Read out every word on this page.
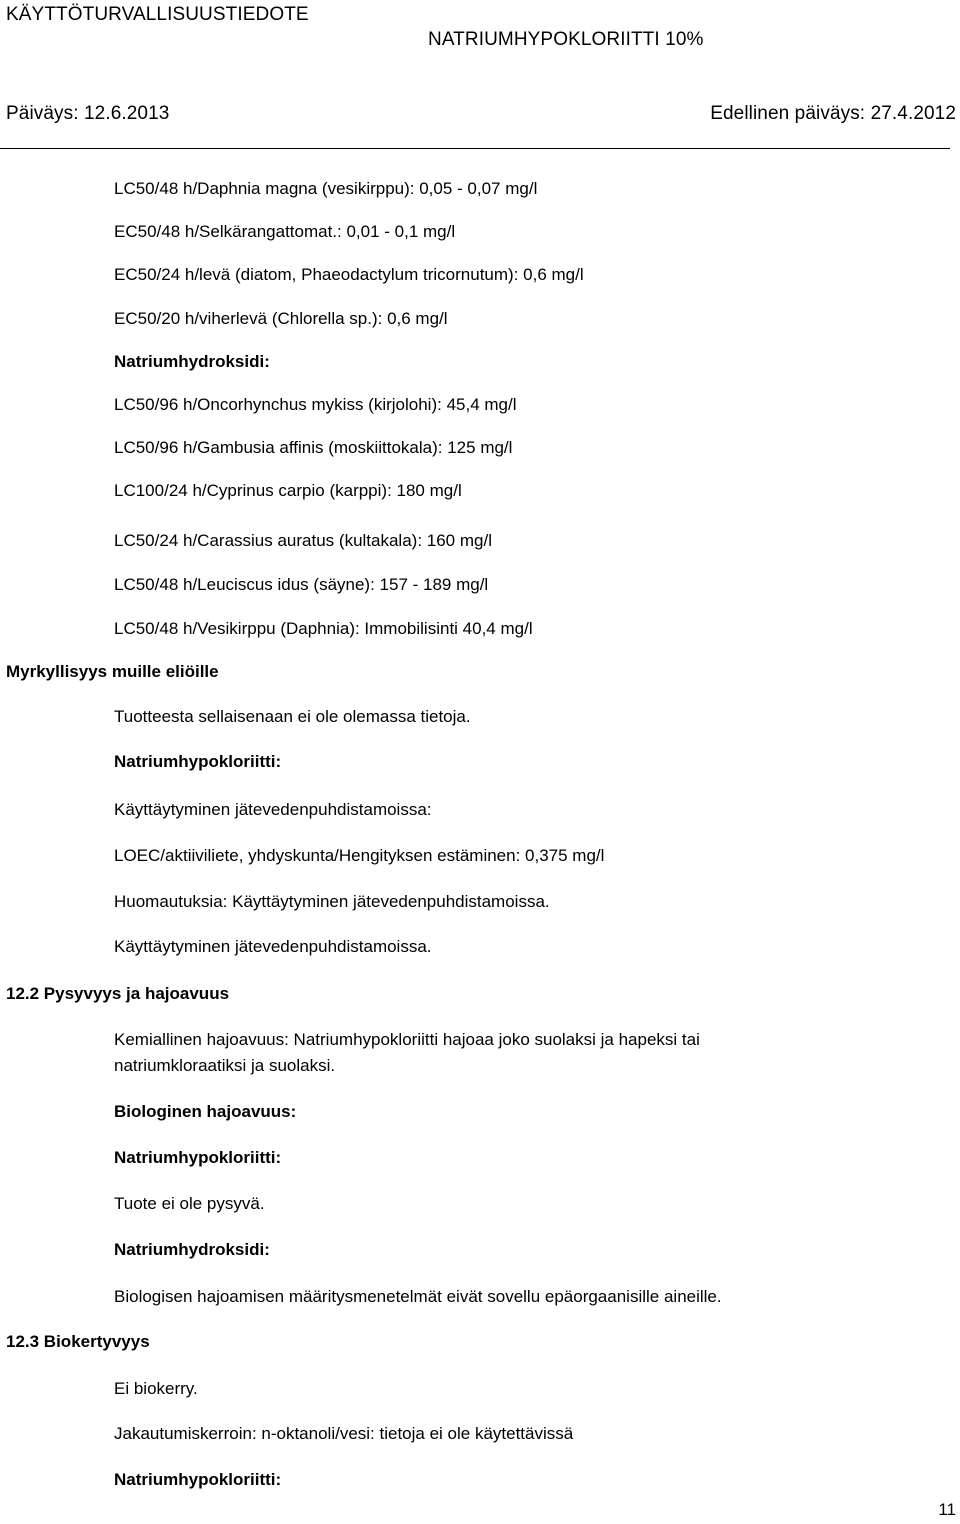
KÄYTTÖTURVALLISUUSTIEDOTE
NATRIUMHYPOKLORIITTI 10%
Päiväys: 12.6.2013	Edellinen päiväys: 27.4.2012
LC50/48 h/Daphnia magna (vesikirppu): 0,05 - 0,07 mg/l
EC50/48 h/Selkärangattomat.: 0,01 - 0,1 mg/l
EC50/24 h/levä (diatom, Phaeodactylum tricornutum): 0,6 mg/l
EC50/20 h/viherlevä (Chlorella sp.): 0,6 mg/l
Natriumhydroksidi:
LC50/96 h/Oncorhynchus mykiss (kirjolohi): 45,4 mg/l
LC50/96 h/Gambusia affinis (moskiittokala): 125 mg/l
LC100/24 h/Cyprinus carpio (karppi): 180 mg/l
LC50/24 h/Carassius auratus (kultakala): 160 mg/l
LC50/48 h/Leuciscus idus (säyne): 157 - 189 mg/l
LC50/48 h/Vesikirppu (Daphnia): Immobilisinti 40,4 mg/l
Myrkyllisyys muille eliöille
Tuotteesta sellaisenaan ei ole olemassa tietoja.
Natriumhypokloriitti:
Käyttäytyminen jätevedenpuhdistamoissa:
LOEC/aktiiviliete, yhdyskunta/Hengityksen estäminen: 0,375 mg/l
Huomautuksia: Käyttäytyminen jätevedenpuhdistamoissa.
Käyttäytyminen jätevedenpuhdistamoissa.
12.2 Pysyvyys ja hajoavuus
Kemiallinen hajoavuus: Natriumhypokloriitti hajoaa joko suolaksi ja hapeksi tai natriumkloraatiksi ja suolaksi.
Biologinen hajoavuus:
Natriumhypokloriitti:
Tuote ei ole pysyvä.
Natriumhydroksidi:
Biologisen hajoamisen määritysmenetelmät eivät sovellu epäorgaanisille aineille.
12.3 Biokertyvyys
Ei biokerry.
Jakautumiskerroin: n-oktanoli/vesi: tietoja ei ole käytettävissä
Natriumhypokloriitti:
11
